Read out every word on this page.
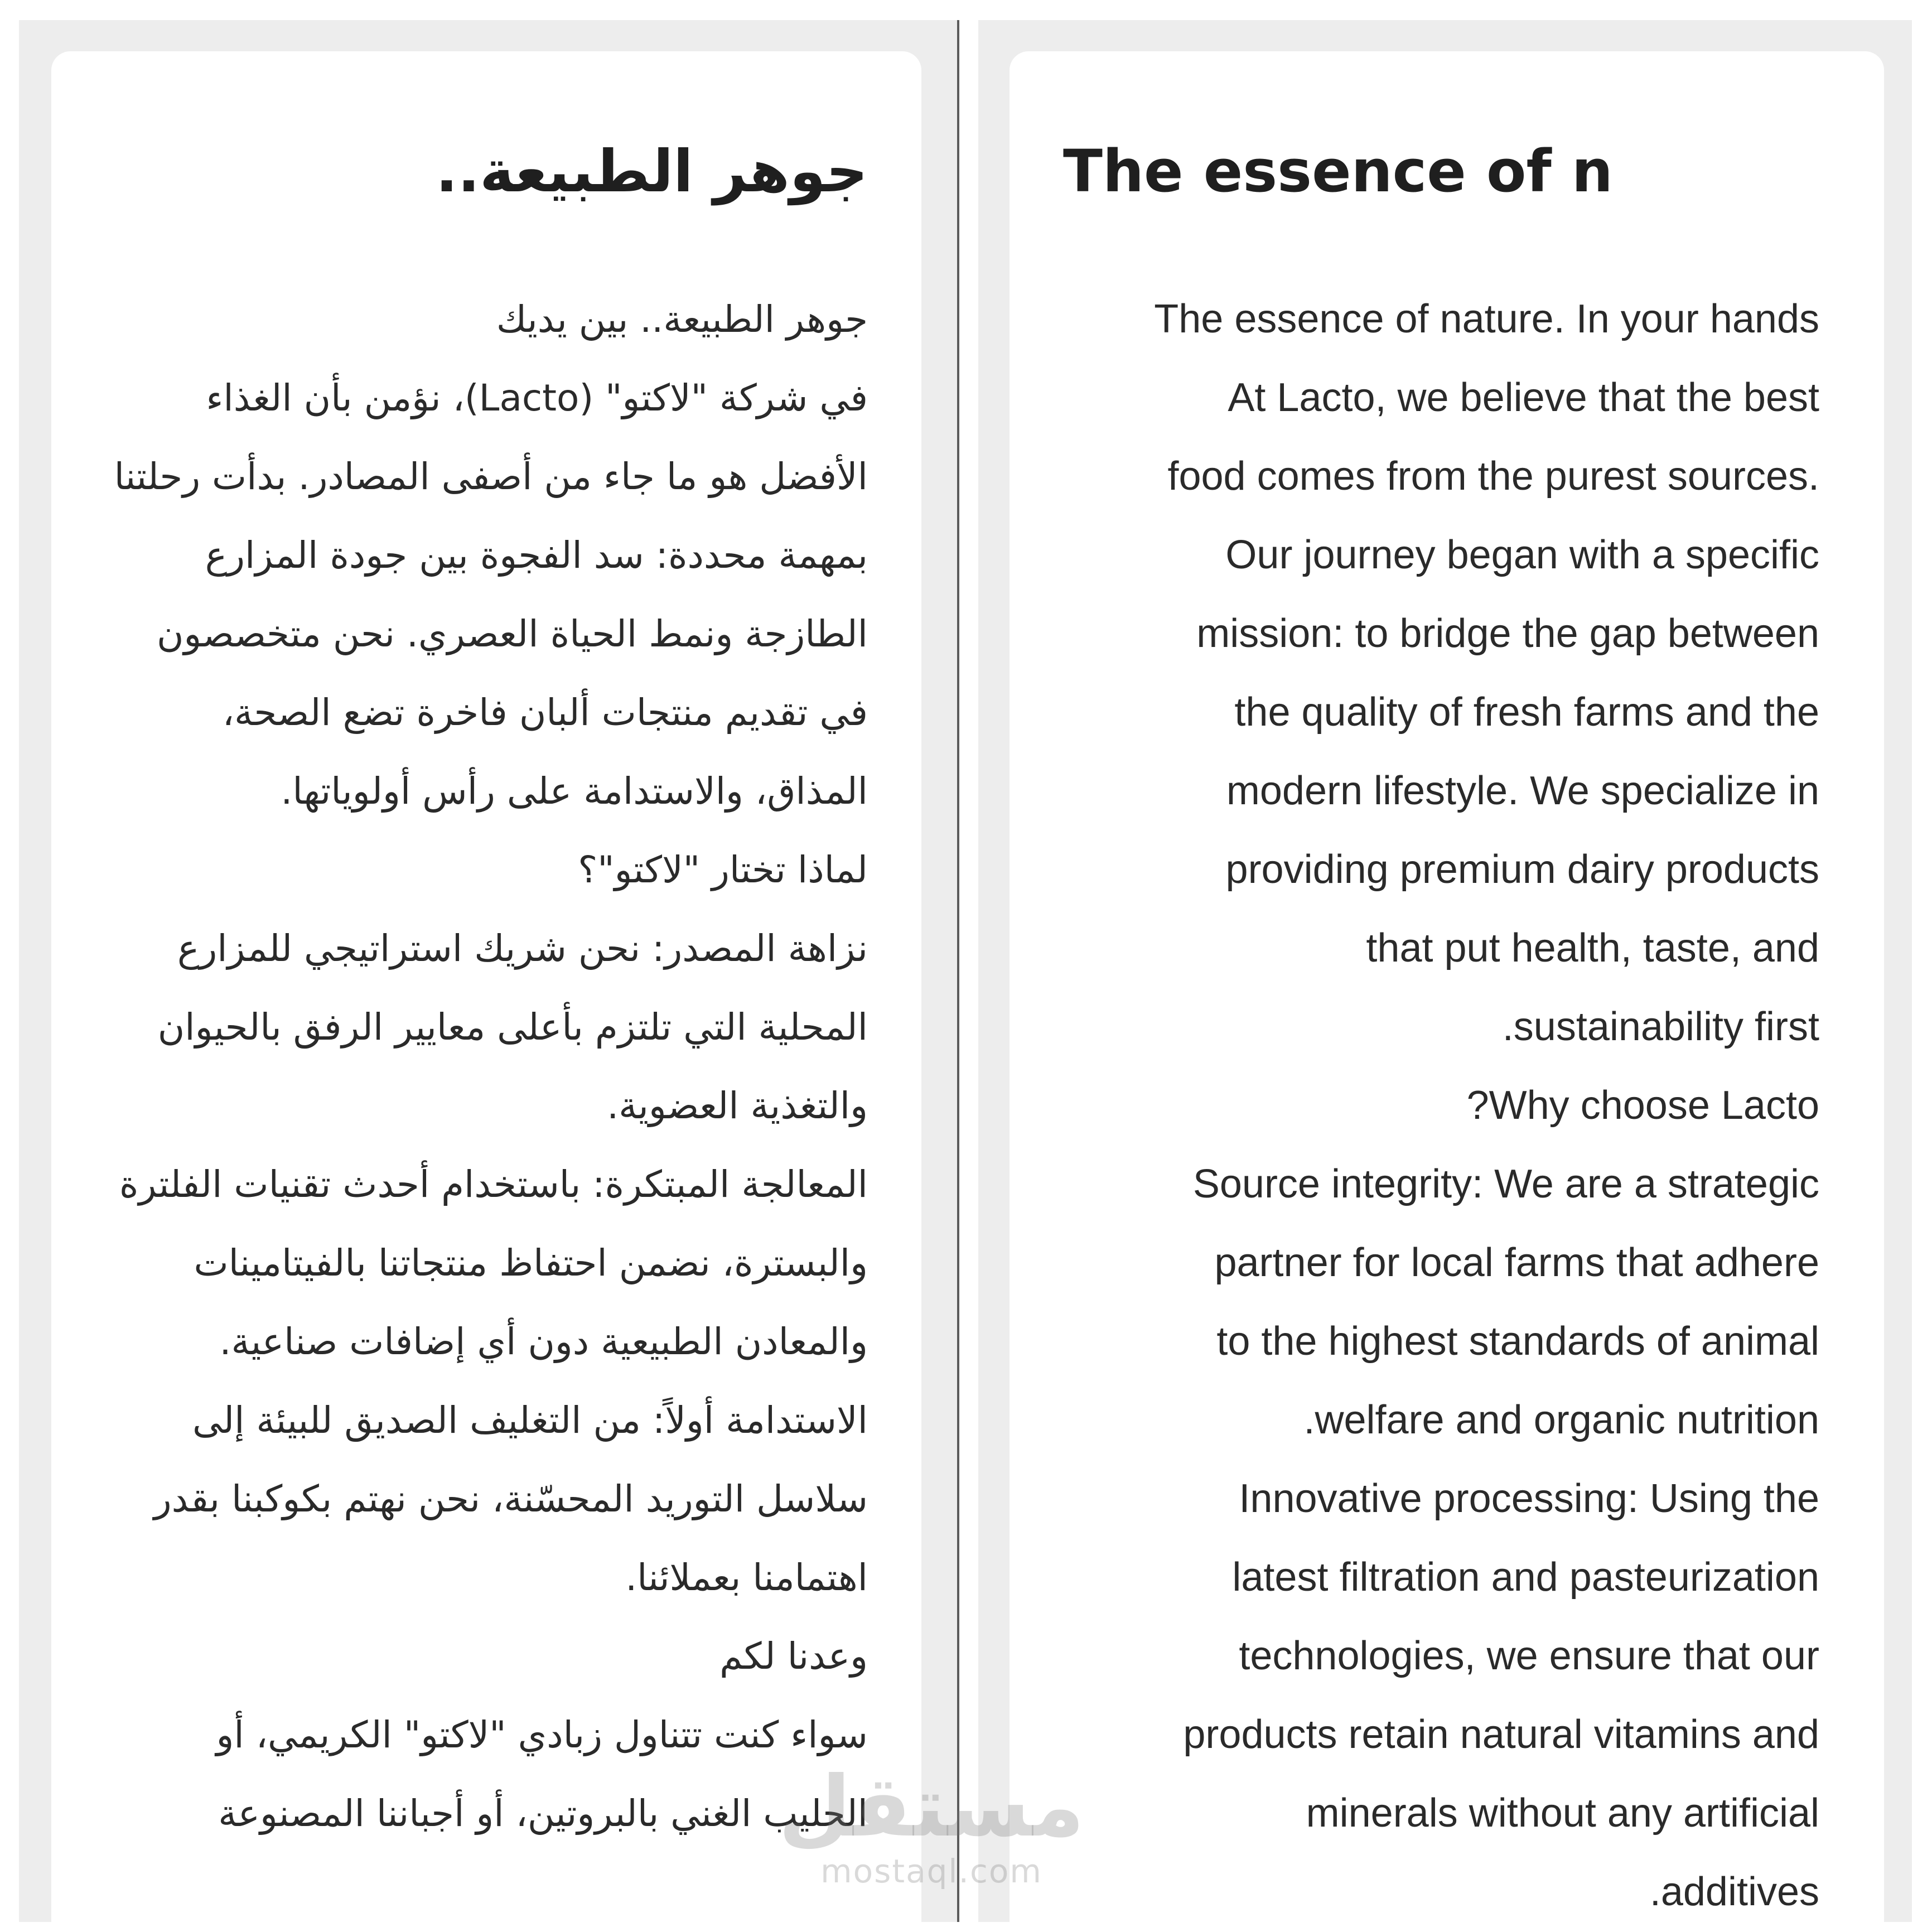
جوهر الطبيعة..

جوهر الطبيعة.. بين يديك
في شركة "لاكتو" (Lacto)، نؤمن بأن الغذاء الأفضل هو ما جاء من أصفى المصادر. بدأت رحلتنا بمهمة محددة: سد الفجوة بين جودة المزارع الطازجة ونمط الحياة العصري. نحن متخصصون في تقديم منتجات ألبان فاخرة تضع الصحة، المذاق، والاستدامة على رأس أولوياتها.
لماذا تختار "لاكتو"؟
نزاهة المصدر: نحن شريك استراتيجي للمزارع المحلية التي تلتزم بأعلى معايير الرفق بالحيوان والتغذية العضوية.
المعالجة المبتكرة: باستخدام أحدث تقنيات الفلترة والبسترة، نضمن احتفاظ منتجاتنا بالفيتامينات والمعادن الطبيعية دون أي إضافات صناعية.
الاستدامة أولاً: من التغليف الصديق للبيئة إلى سلاسل التوريد المحسّنة، نحن نهتم بكوكبنا بقدر اهتمامنا بعملائنا.
وعدنا لكم
سواء كنت تتناول زبادي "لاكتو" الكريمي، أو الحليب الغني بالبروتين، أو أجباننا المصنوعة

The essence of n

The essence of nature. In your hands
At Lacto, we believe that the best
food comes from the purest sources.
Our journey began with a specific
mission: to bridge the gap between
the quality of fresh farms and the
modern lifestyle. We specialize in
providing premium dairy products
that put health, taste, and
.sustainability first
?Why choose Lacto
Source integrity: We are a strategic
partner for local farms that adhere
to the highest standards of animal
.welfare and organic nutrition
Innovative processing: Using the
latest filtration and pasteurization
technologies, we ensure that our
products retain natural vitamins and
minerals without any artificial
.additives

مستقل
mostaql.com
